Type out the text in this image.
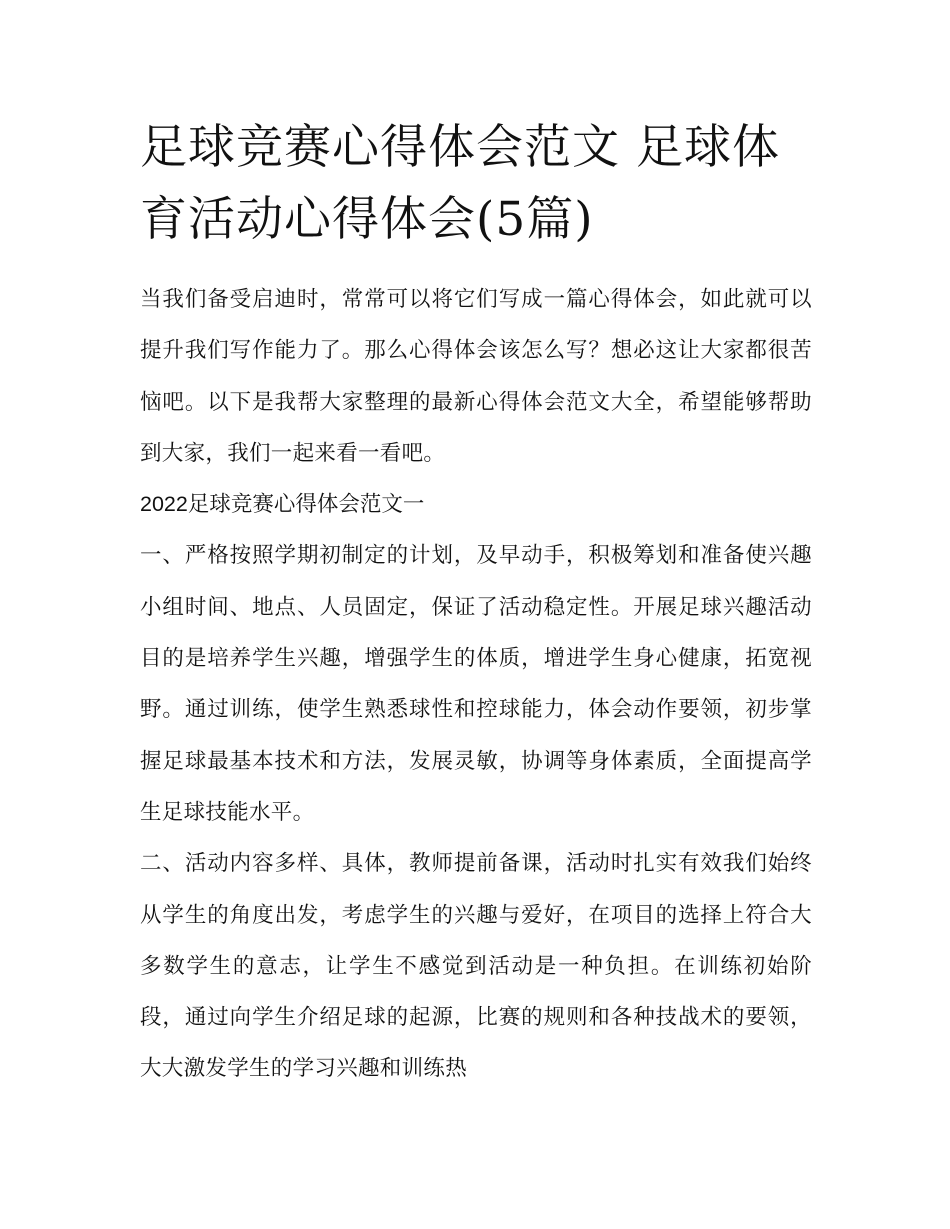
足球竞赛心得体会范文 足球体育活动心得体会(5篇)

当我们备受启迪时，常常可以将它们写成一篇心得体会，如此就可以提升我们写作能力了。那么心得体会该怎么写？想必这让大家都很苦恼吧。以下是我帮大家整理的最新心得体会范文大全，希望能够帮助到大家，我们一起来看一看吧。

2022足球竞赛心得体会范文一

一、严格按照学期初制定的计划，及早动手，积极筹划和准备使兴趣小组时间、地点、人员固定，保证了活动稳定性。开展足球兴趣活动目的是培养学生兴趣，增强学生的体质，增进学生身心健康，拓宽视野。通过训练，使学生熟悉球性和控球能力，体会动作要领，初步掌握足球最基本技术和方法，发展灵敏，协调等身体素质，全面提高学生足球技能水平。

二、活动内容多样、具体，教师提前备课，活动时扎实有效我们始终从学生的角度出发，考虑学生的兴趣与爱好，在项目的选择上符合大多数学生的意志，让学生不感觉到活动是一种负担。在训练初始阶段，通过向学生介绍足球的起源，比赛的规则和各种技战术的要领，大大激发学生的学习兴趣和训练热
